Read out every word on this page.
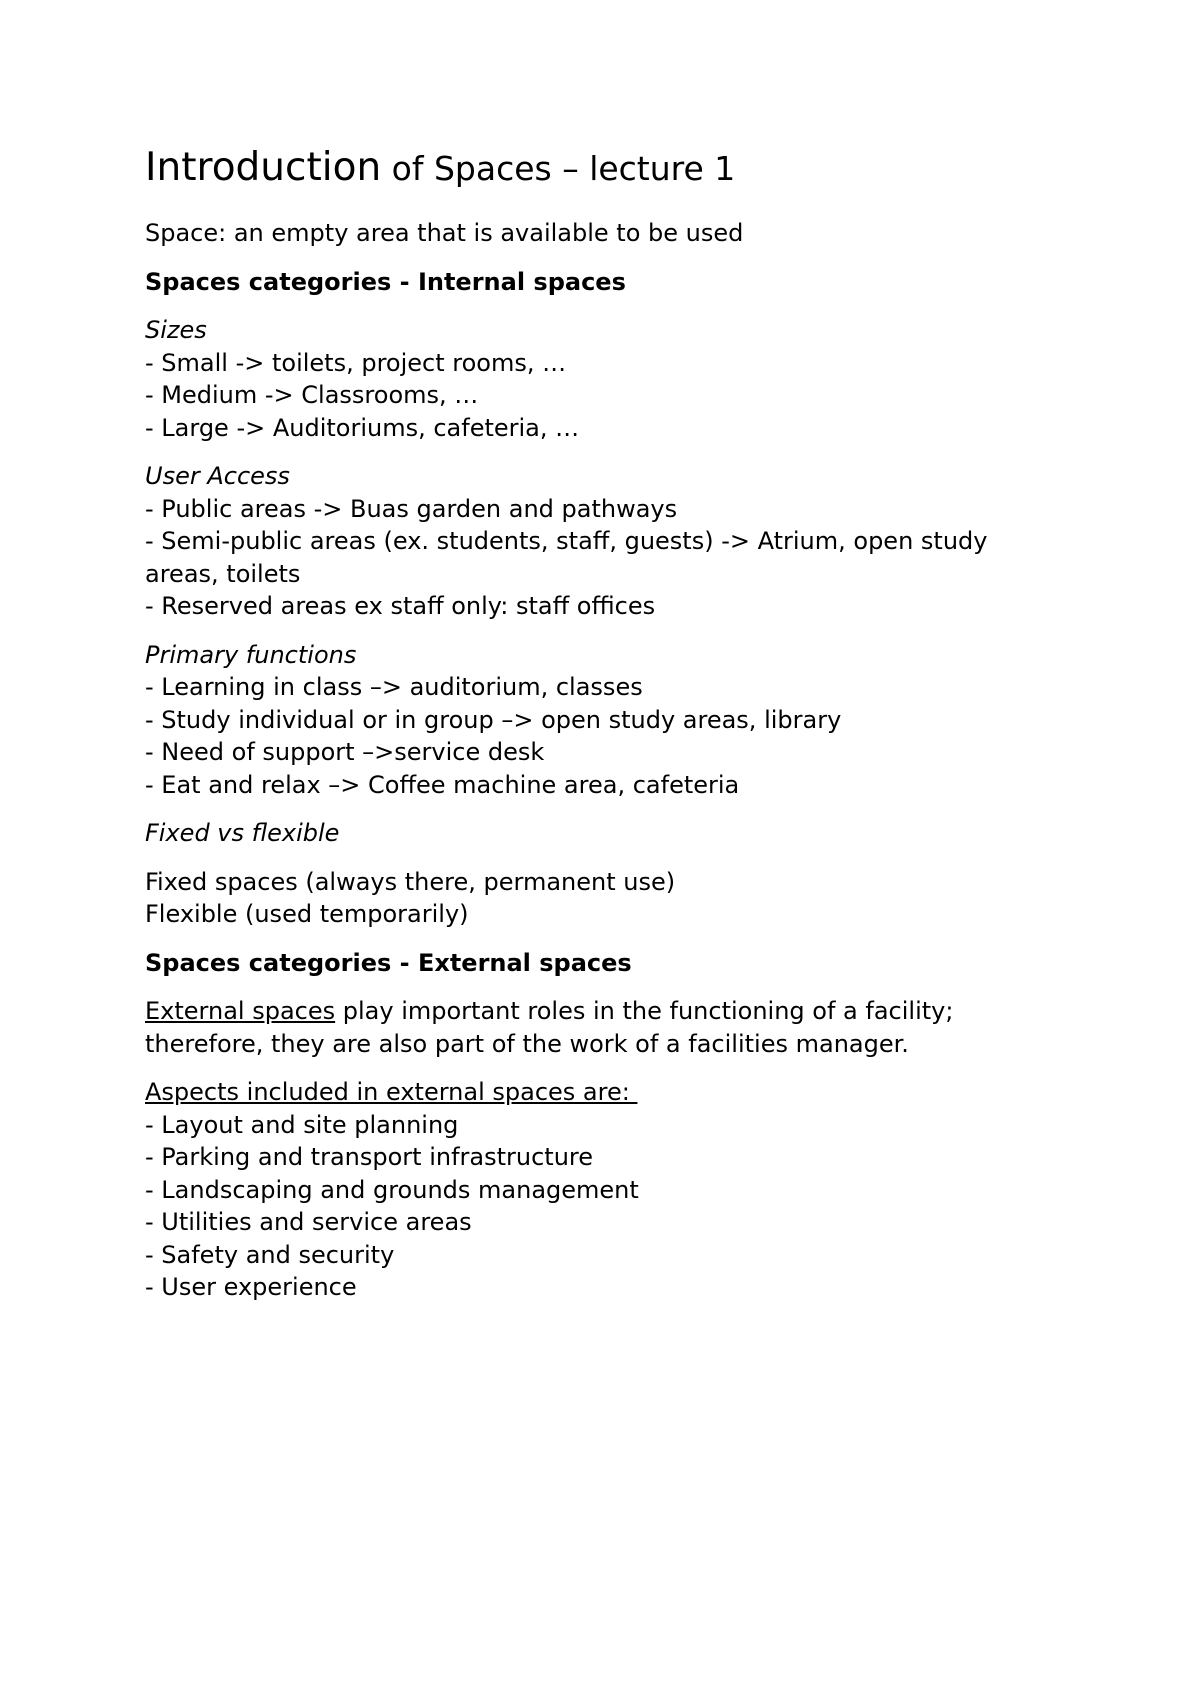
Introduction of Spaces – lecture 1

Space: an empty area that is available to be used

Spaces categories - Internal spaces

Sizes
- Small -> toilets, project rooms, …
- Medium -> Classrooms, …
- Large -> Auditoriums, cafeteria, …
User Access
- Public areas -> Buas garden and pathways
- Semi-public areas (ex. students, staff, guests) -> Atrium, open study areas, toilets
- Reserved areas ex staff only: staff offices
Primary functions
- Learning in class –> auditorium, classes
- Study individual or in group –> open study areas, library
- Need of support –>service desk
- Eat and relax –> Coffee machine area, cafeteria
Fixed vs flexible
Fixed spaces (always there, permanent use)
Flexible (used temporarily)

Spaces categories - External spaces

External spaces play important roles in the functioning of a facility; therefore, they are also part of the work of a facilities manager.

Aspects included in external spaces are:
- Layout and site planning
- Parking and transport infrastructure
- Landscaping and grounds management
- Utilities and service areas
- Safety and security
- User experience
